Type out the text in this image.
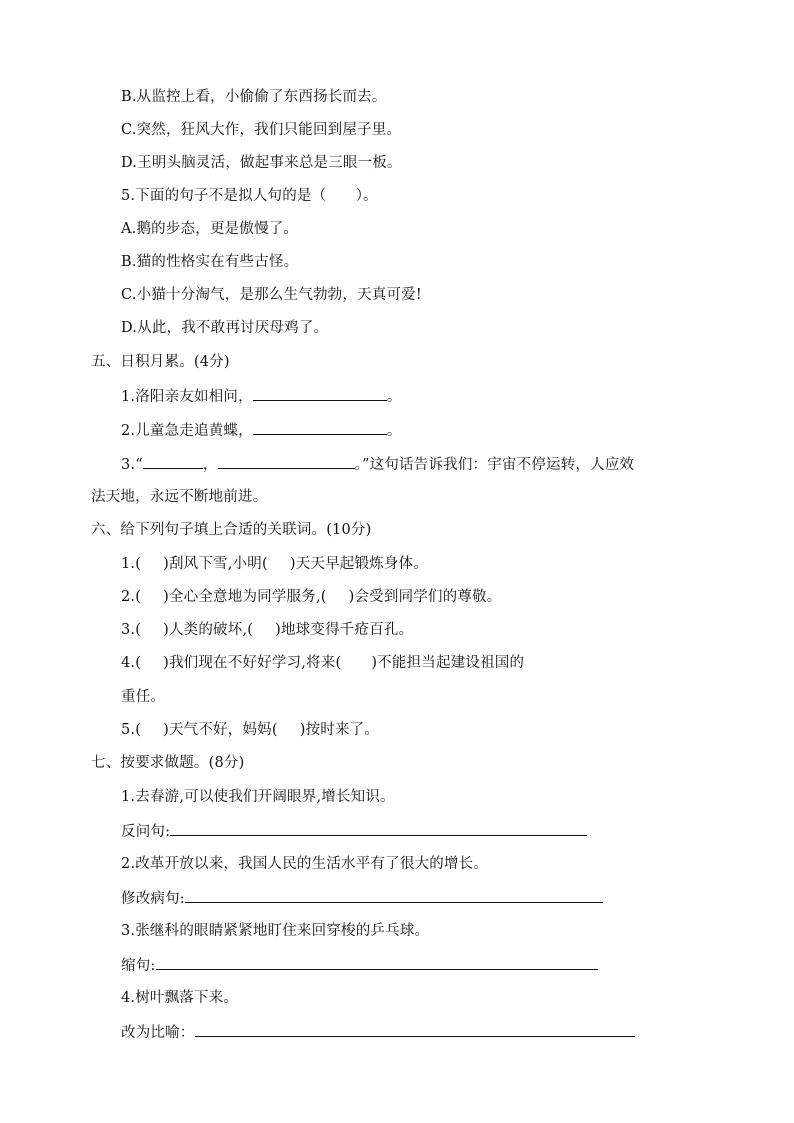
B.从监控上看，小偷偷了东西扬长而去。
C.突然，狂风大作，我们只能回到屋子里。
D.王明头脑灵活，做起事来总是三眼一板。
5.下面的句子不是拟人句的是（　　）。
A.鹅的步态，更是傲慢了。
B.猫的性格实在有些古怪。
C.小猫十分淘气，是那么生气勃勃，天真可爱!
D.从此，我不敢再讨厌母鸡了。
五、日积月累。(4分)
1.洛阳亲友如相问，	。
2.儿童急走追黄蝶，	。
3.“	，	。”这句话告诉我们：宇宙不停运转，人应效
法天地，永远不断地前进。
六、给下列句子填上合适的关联词。(10分)
1.( )刮风下雪,小明( )天天早起锻炼身体。
2.( )全心全意地为同学服务,( )会受到同学们的尊敬。
3.( )人类的破坏,( )地球变得千疮百孔。
4.( )我们现在不好好学习,将来( )不能担当起建设祖国的
重任。
5.( )天气不好，妈妈( )按时来了。
七、按要求做题。(8分)
1.去春游,可以使我们开阔眼界,增长知识。
反问句:
2.改革开放以来，我国人民的生活水平有了很大的增长。
修改病句:
3.张继科的眼睛紧紧地盯住来回穿梭的乒乓球。
缩句:
4.树叶飘落下来。
改为比喻：
